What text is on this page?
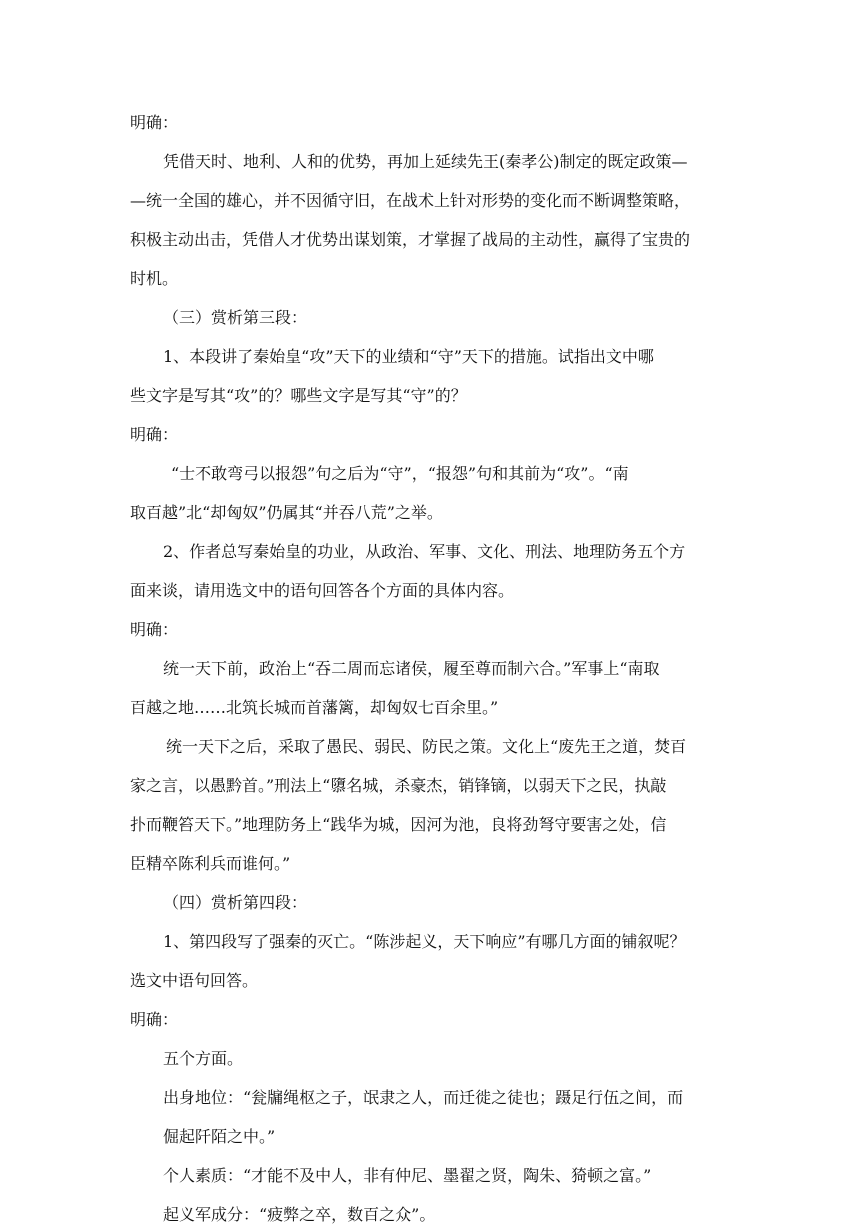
明确：
凭借天时、地利、人和的优势，再加上延续先王(秦孝公)制定的既定政策—
—统一全国的雄心，并不因循守旧，在战术上针对形势的变化而不断调整策略，
积极主动出击，凭借人才优势出谋划策，才掌握了战局的主动性，赢得了宝贵的
时机。
（三）赏析第三段：
1、本段讲了秦始皇“攻”天下的业绩和“守”天下的措施。试指出文中哪
些文字是写其“攻”的？哪些文字是写其“守”的？
明确：
“士不敢弯弓以报怨”句之后为“守”，“报怨”句和其前为“攻”。“南
取百越”北“却匈奴”仍属其“并吞八荒”之举。
2、作者总写秦始皇的功业，从政治、军事、文化、刑法、地理防务五个方
面来谈，请用选文中的语句回答各个方面的具体内容。
明确：
统一天下前，政治上“吞二周而忘诸侯，履至尊而制六合。”军事上“南取
百越之地……北筑长城而首藩篱，却匈奴七百余里。”
统一天下之后，采取了愚民、弱民、防民之策。文化上“废先王之道，焚百
家之言，以愚黔首。”刑法上“隳名城，杀豪杰，销锋镝，以弱天下之民，执敲
扑而鞭笞天下。”地理防务上“践华为城，因河为池，良将劲弩守要害之处，信
臣精卒陈利兵而谁何。”
（四）赏析第四段：
1、第四段写了强秦的灭亡。“陈涉起义，天下响应”有哪几方面的铺叙呢？
选文中语句回答。
明确：
五个方面。
出身地位：“瓮牖绳枢之子，氓隶之人，而迁徙之徒也；蹑足行伍之间，而
倔起阡陌之中。”
个人素质：“才能不及中人，非有仲尼、墨翟之贤，陶朱、猗顿之富。”
起义军成分：“疲弊之卒，数百之众”。
